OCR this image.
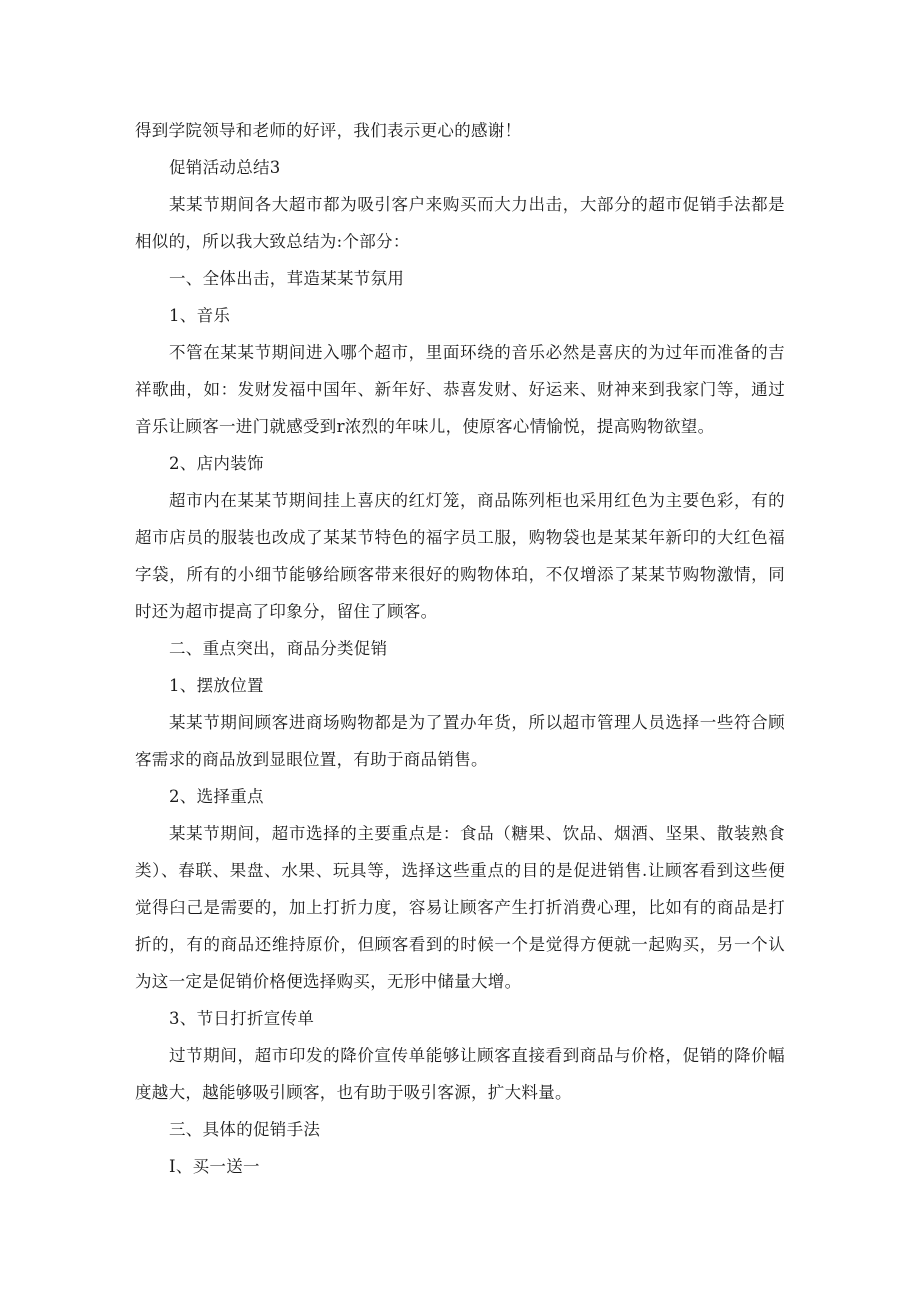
得到学院领导和老师的好评，我们表示更心的感谢！

促销活动总结3

某某节期间各大超市都为吸引客户来购买而大力出击，大部分的超市促销手法都是相似的，所以我大致总结为:个部分：

一、全体出击，茸造某某节氛用

1、音乐

不管在某某节期间进入哪个超市，里面环绕的音乐必然是喜庆的为过年而准备的吉祥歌曲，如：发财发福中国年、新年好、恭喜发财、好运来、财神来到我家门等，通过音乐让顾客一进门就感受到r浓烈的年味儿，使原客心情愉悦，提高购物欲望。

2、店内装饰

超市内在某某节期间挂上喜庆的红灯笼，商品陈列柜也采用红色为主要色彩，有的超市店员的服装也改成了某某节特色的福字员工服，购物袋也是某某年新印的大红色福字袋，所有的小细节能够给顾客带来很好的购物体珀，不仅增添了某某节购物激情，同时还为超市提高了印象分，留住了顾客。

二、重点突出，商品分类促销

1、摆放位置

某某节期间顾客进商场购物都是为了置办年货，所以超市管理人员选择一些符合顾客需求的商品放到显眼位置，有助于商品销售。

2、选择重点

某某节期间，超市选择的主要重点是：食品（糖果、饮品、烟酒、坚果、散装熟食类）、春联、果盘、水果、玩具等，选择这些重点的目的是促进销售.让顾客看到这些便觉得臼己是需要的，加上打折力度，容易让顾客产生打折消费心理，比如有的商品是打折的，有的商品还维持原价，但顾客看到的时候一个是觉得方便就一起购买，另一个认为这一定是促销价格便选择购买，无形中储量大增。

3、节日打折宣传单

过节期间，超市印发的降价宣传单能够让顾客直接看到商品与价格，促销的降价幅度越大，越能够吸引顾客，也有助于吸引客源，扩大料量。

三、具体的促销手法

I、买一送一
